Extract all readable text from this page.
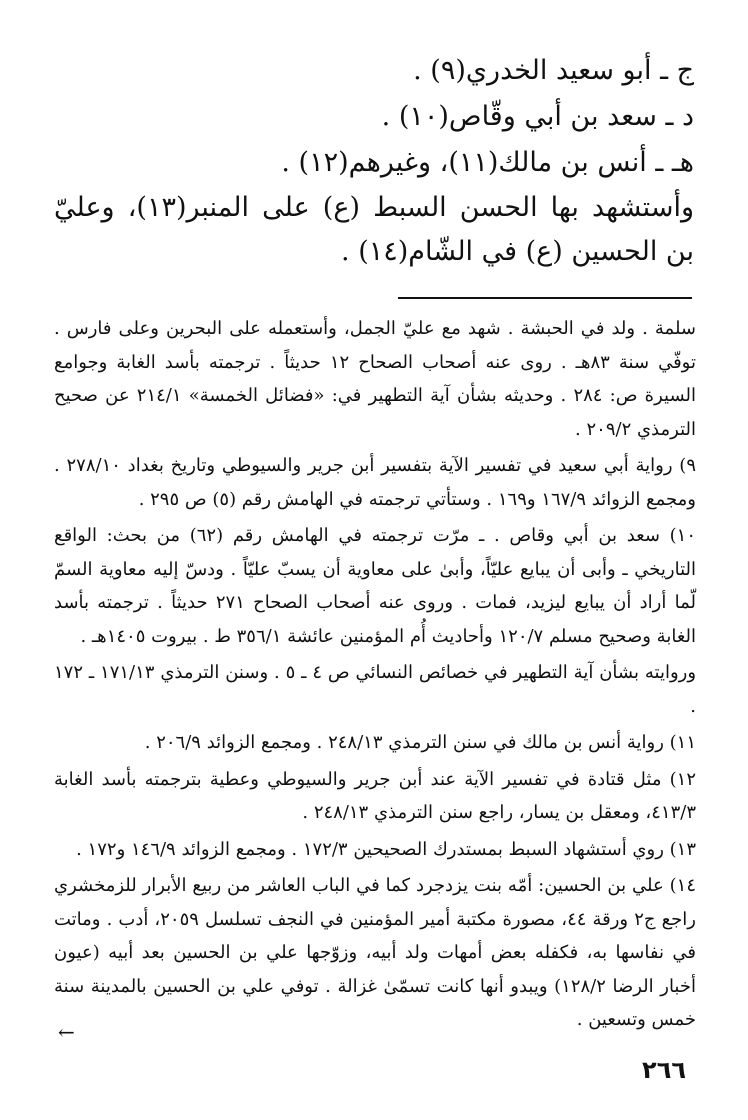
ج ـ أبو سعيد الخدري(٩) .
د ـ سعد بن أبي وقّاص(١٠) .
هـ ـ أنس بن مالك(١١)، وغيرهم(١٢) .
وأستشهد بها الحسن السبط (ع) على المنبر(١٣)، وعليّ بن الحسين (ع) في الشّام(١٤) .

سلمة . ولد في الحبشة . شهد مع عليّ الجمل، وأستعمله على البحرين وعلى فارس . توفّي سنة ٨٣هـ . روى عنه أصحاب الصحاح ١٢ حديثاً . ترجمته بأسد الغابة وجوامع السيرة ص: ٢٨٤ . وحديثه بشأن آية التطهير في: «فضائل الخمسة» ٢١٤/١ عن صحيح الترمذي ٢٠٩/٢ .

٩) رواية أبي سعيد في تفسير الآية بتفسير أبن جرير والسيوطي وتاريخ بغداد ٢٧٨/١٠ . ومجمع الزوائد ١٦٧/٩ و١٦٩ . وستأتي ترجمته في الهامش رقم (٥) ص ٢٩٥ .

١٠) سعد بن أبي وقاص . ـ مرّت ترجمته في الهامش رقم (٦٢) من بحث: الواقع التاريخي ـ وأبى أن يبايع عليّاً، وأبىٰ على معاوية أن يسبّ عليّاً . ودسّ إليه معاوية السمّ لّما أراد أن يبايع ليزيد، فمات . وروى عنه أصحاب الصحاح ٢٧١ حديثاً . ترجمته بأسد الغابة وصحيح مسلم ١٢٠/٧ وأحاديث أُم المؤمنين عائشة ٣٥٦/١ ط . بيروت ١٤٠٥هـ .

وروايته بشأن آية التطهير في خصائص النسائي ص ٤ ـ ٥ . وسنن الترمذي ١٧١/١٣ ـ ١٧٢ .

١١) رواية أنس بن مالك في سنن الترمذي ٢٤٨/١٣ . ومجمع الزوائد ٢٠٦/٩ .

١٢) مثل قتادة في تفسير الآية عند أبن جرير والسيوطي وعطية بترجمته بأسد الغابة ٤١٣/٣، ومعقل بن يسار، راجع سنن الترمذي ٢٤٨/١٣ .

١٣) روي أستشهاد السبط بمستدرك الصحيحين ١٧٢/٣ . ومجمع الزوائد ١٤٦/٩ و١٧٢ .

١٤) علي بن الحسين: أمّه بنت يزدجرد كما في الباب العاشر من ربيع الأبرار للزمخشري راجع ج٢ ورقة ٤٤، مصورة مكتبة أمير المؤمنين في النجف تسلسل ٢٠٥٩، أدب . وماتت في نفاسها به، فكفله بعض أمهات ولد أبيه، وزوّجها علي بن الحسين بعد أبيه (عيون أخبار الرضا ١٢٨/٢) ويبدو أنها كانت تسمّىٰ غزالة . توفي علي بن الحسين بالمدينة سنة خمس وتسعين .

←
٢٦٦
